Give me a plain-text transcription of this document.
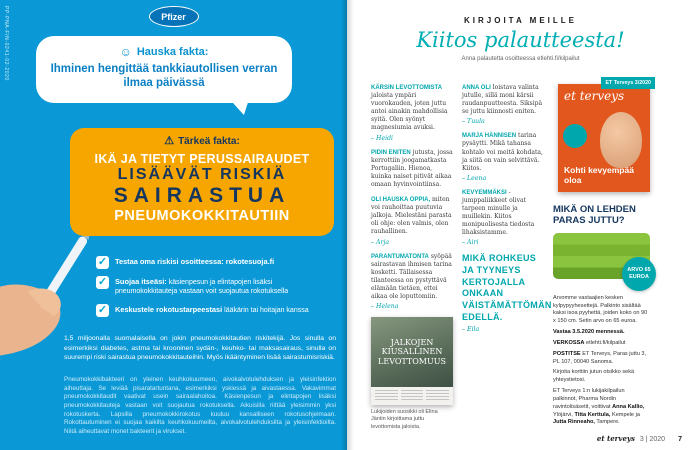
PP-PNA-FIN-0241-02-2020	Pfizer
☺ Hauska fakta:
Ihminen hengittää tankkiautollisen verran ilmaa päivässä
⚠ Tärkeä fakta:
IKÄ JA TIETYT PERUSSAIRAUDET
LISÄÄVÄT RISKIÄ
SAIRASTUA
PNEUMOKOKKITAUTIIN
✓ Testaa oma riskisi osoitteessa: rokotesuoja.fi
✓ Suojaa itseäsi: käsienpesun ja elintapojen lisäksi pneumokokkitauteja vastaan voit suojautua rokotuksella
✓ Keskustele rokotustarpeestasi lääkärin tai hoitajan kanssa

1,5 miljoonalla suomalaisella on jokin pneumokokkitautien riskitekijä. Jos sinulla on esimerkiksi diabetes, astma tai krooninen sydän-, keuhko- tai maksasairaus, sinulla on suurempi riski sairastua pneumokokkitauteihin. Myös ikääntyminen lisää sairastumisriskiä.

Pneumokokkibakteeri on yleinen keuhkokuumeen, aivokalvotulehduksen ja yleisinfektion aiheuttaja. Se leviää pisaratartuntana, esimerkiksi yskiessä ja aivastaessa. Vakavimmat pneumokokkitaudit vaativat usein sairaalahoitoa. Käsienpesun ja elintapojen lisäksi pneumokokkitauteja vastaan voit suojautua rokotuksella. Aikuisilla riittää yleisimmin yksi rokotuskerta. Lapsilla pneumokokkirokotus kuuluu kansalliseen rokotusohjelmaan. Rokottautuminen ei suojaa kaikilta keuhkokuumeilta, aivokalvotulehduksilta ja yleisinfektioilta. Niitä aiheuttavat monet bakteerit ja virukset.

KIRJOITA MEILLE
Kiitos palautteesta!
Anna palautetta osoitteessa etlehti.fi/kilpailut

KÄRSIN LEVOTTOMISTA jaloista ympäri vuorokauden, joten juttu antoi ainakin mahdollisia syitä. Olen syönyt magnesiumia avuksi.

– Heidi

PIDIN ENITEN jutusta, jossa kerrottiin joogamatkasta Portugaliin. Hienoa, kuinka naiset pitivät aikaa omaan hyvinvointiinsa.

OLI HAUSKA OPPIA, miten voi rauhoittaa puutuvia jalkoja. Mielestäni parasta oli ohje: olen valmis, olen rauhallinen.

– Arja

PARANTUMATONTA syöpää sairastavan ihmisen tarina kosketti. Tällaisessa tilanteessa on pystyttävä elämään tietäen, ettei aikaa ole loputtomiin.

– Helena
JALKOJEN KIUSALLINEN LEVOTTOMUUS
Lukijoiden suosikki oli Elina Jäntin kirjoittama juttu levottomista jaloista.

ANNA OLI loistava valinta jutulle, sillä moni kärsii raudanpuutteesta. Siksipä se juttu kiinnosti eniten.

– Tuula

MARJA HÄNNISEN tarina pysäytti. Mikä tahansa kohtalo voi meitä kohdata, ja siitä on vain selvittävä. Kiitos.

– Leena

KEVYEMMÄKSI -jumppaliikkeet olivat tarpeen minulle ja muillekin. Kiitos monipuolisesta tiedosta lihaksistamme.

– Airi
MIKÄ ROHKEUS JA TYYNEYS KERTOJALLA ONKAAN VÄISTÄMÄTTÖMÄN EDELLÄ.
– Eila
ET Terveys 3/2020
et terveys
Kohti kevyempää oloa
MIKÄ ON LEHDEN PARAS JUTTU?
ARVO 65 EUROA

Arvomme vastaajien kesken kylpypyyhesettejä. Palkinto sisältää kaksi isoa pyyhettä, joiden koko on 90 x 150 cm. Setin arvo on 65 euroa.

Vastaa 3.5.2020 mennessä.

VERKOSSA etlehti.fi/kilpailut

POSTITSE ET Terveys, Paras juttu 3, PL 107, 00040 Sanoma.

Kirjoita korttiin jutun otsikko sekä yhteystietosi.

ET Terveys 1:n lukijakilpailun palkinnot, Pharma Nordin ravintolisäsetit, voittivat Anna Kallio, Ylöjärvi, Titta Kerttula, Kempele ja Jutta Rinneaho, Tampere.

et terveys 3 | 2020 7
